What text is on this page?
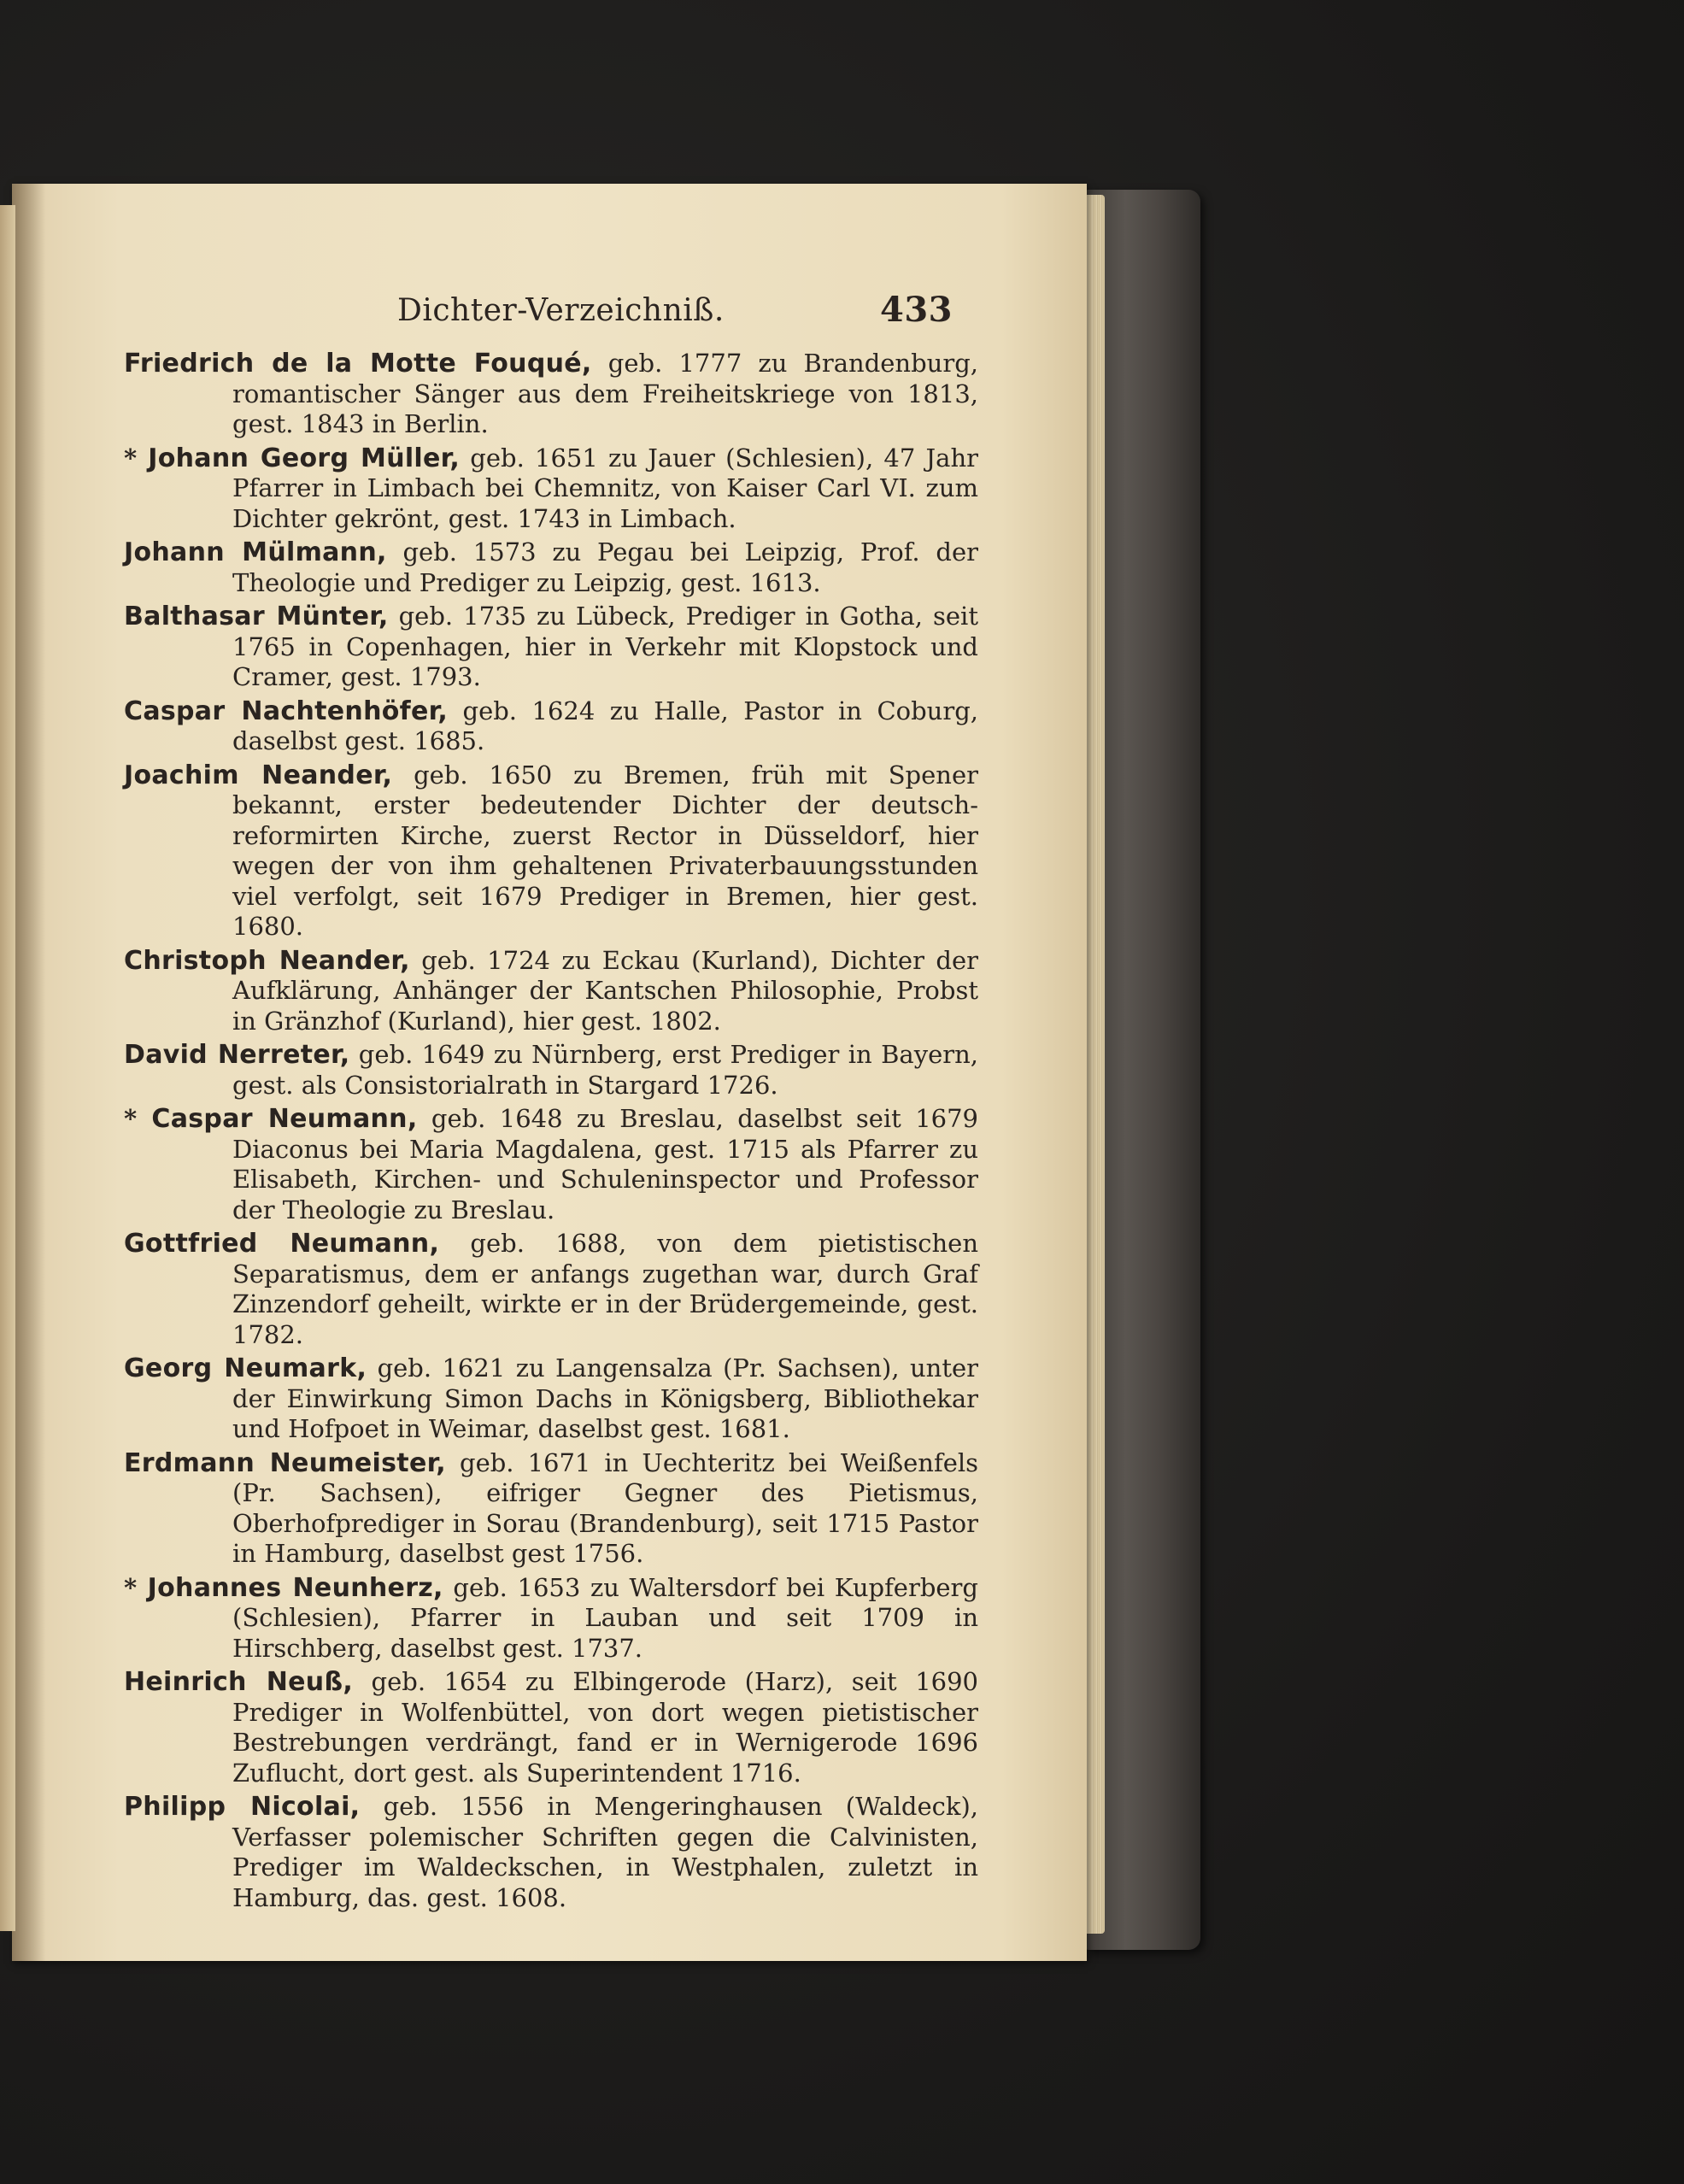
Dichter-Verzeichniß.	433

Friedrich de la Motte Fouqué, geb. 1777 zu Brandenburg, romantischer Sänger aus dem Freiheitskriege von 1813, gest. 1843 in Berlin.

* Johann Georg Müller, geb. 1651 zu Jauer (Schlesien), 47 Jahr Pfarrer in Limbach bei Chemnitz, von Kaiser Carl VI. zum Dichter gekrönt, gest. 1743 in Limbach.

Johann Mülmann, geb. 1573 zu Pegau bei Leipzig, Prof. der Theologie und Prediger zu Leipzig, gest. 1613.

Balthasar Münter, geb. 1735 zu Lübeck, Prediger in Gotha, seit 1765 in Copenhagen, hier in Verkehr mit Klopstock und Cramer, gest. 1793.

Caspar Nachtenhöfer, geb. 1624 zu Halle, Pastor in Coburg, daselbst gest. 1685.

Joachim Neander, geb. 1650 zu Bremen, früh mit Spener bekannt, erster bedeutender Dichter der deutsch-reformirten Kirche, zuerst Rector in Düsseldorf, hier wegen der von ihm gehaltenen Privaterbauungsstunden viel verfolgt, seit 1679 Prediger in Bremen, hier gest. 1680.

Christoph Neander, geb. 1724 zu Eckau (Kurland), Dichter der Aufklärung, Anhänger der Kantschen Philosophie, Probst in Gränzhof (Kurland), hier gest. 1802.

David Nerreter, geb. 1649 zu Nürnberg, erst Prediger in Bayern, gest. als Consistorialrath in Stargard 1726.

* Caspar Neumann, geb. 1648 zu Breslau, daselbst seit 1679 Diaconus bei Maria Magdalena, gest. 1715 als Pfarrer zu Elisabeth, Kirchen- und Schuleninspector und Professor der Theologie zu Breslau.

Gottfried Neumann, geb. 1688, von dem pietistischen Separatismus, dem er anfangs zugethan war, durch Graf Zinzendorf geheilt, wirkte er in der Brüdergemeinde, gest. 1782.

Georg Neumark, geb. 1621 zu Langensalza (Pr. Sachsen), unter der Einwirkung Simon Dachs in Königsberg, Bibliothekar und Hofpoet in Weimar, daselbst gest. 1681.

Erdmann Neumeister, geb. 1671 in Uechteritz bei Weißenfels (Pr. Sachsen), eifriger Gegner des Pietismus, Oberhofprediger in Sorau (Brandenburg), seit 1715 Pastor in Hamburg, daselbst gest 1756.

* Johannes Neunherz, geb. 1653 zu Waltersdorf bei Kupferberg (Schlesien), Pfarrer in Lauban und seit 1709 in Hirschberg, daselbst gest. 1737.

Heinrich Neuß, geb. 1654 zu Elbingerode (Harz), seit 1690 Prediger in Wolfenbüttel, von dort wegen pietistischer Bestrebungen verdrängt, fand er in Wernigerode 1696 Zuflucht, dort gest. als Superintendent 1716.

Philipp Nicolai, geb. 1556 in Mengeringhausen (Waldeck), Verfasser polemischer Schriften gegen die Calvinisten, Prediger im Waldeckschen, in Westphalen, zuletzt in Hamburg, das. gest. 1608.
